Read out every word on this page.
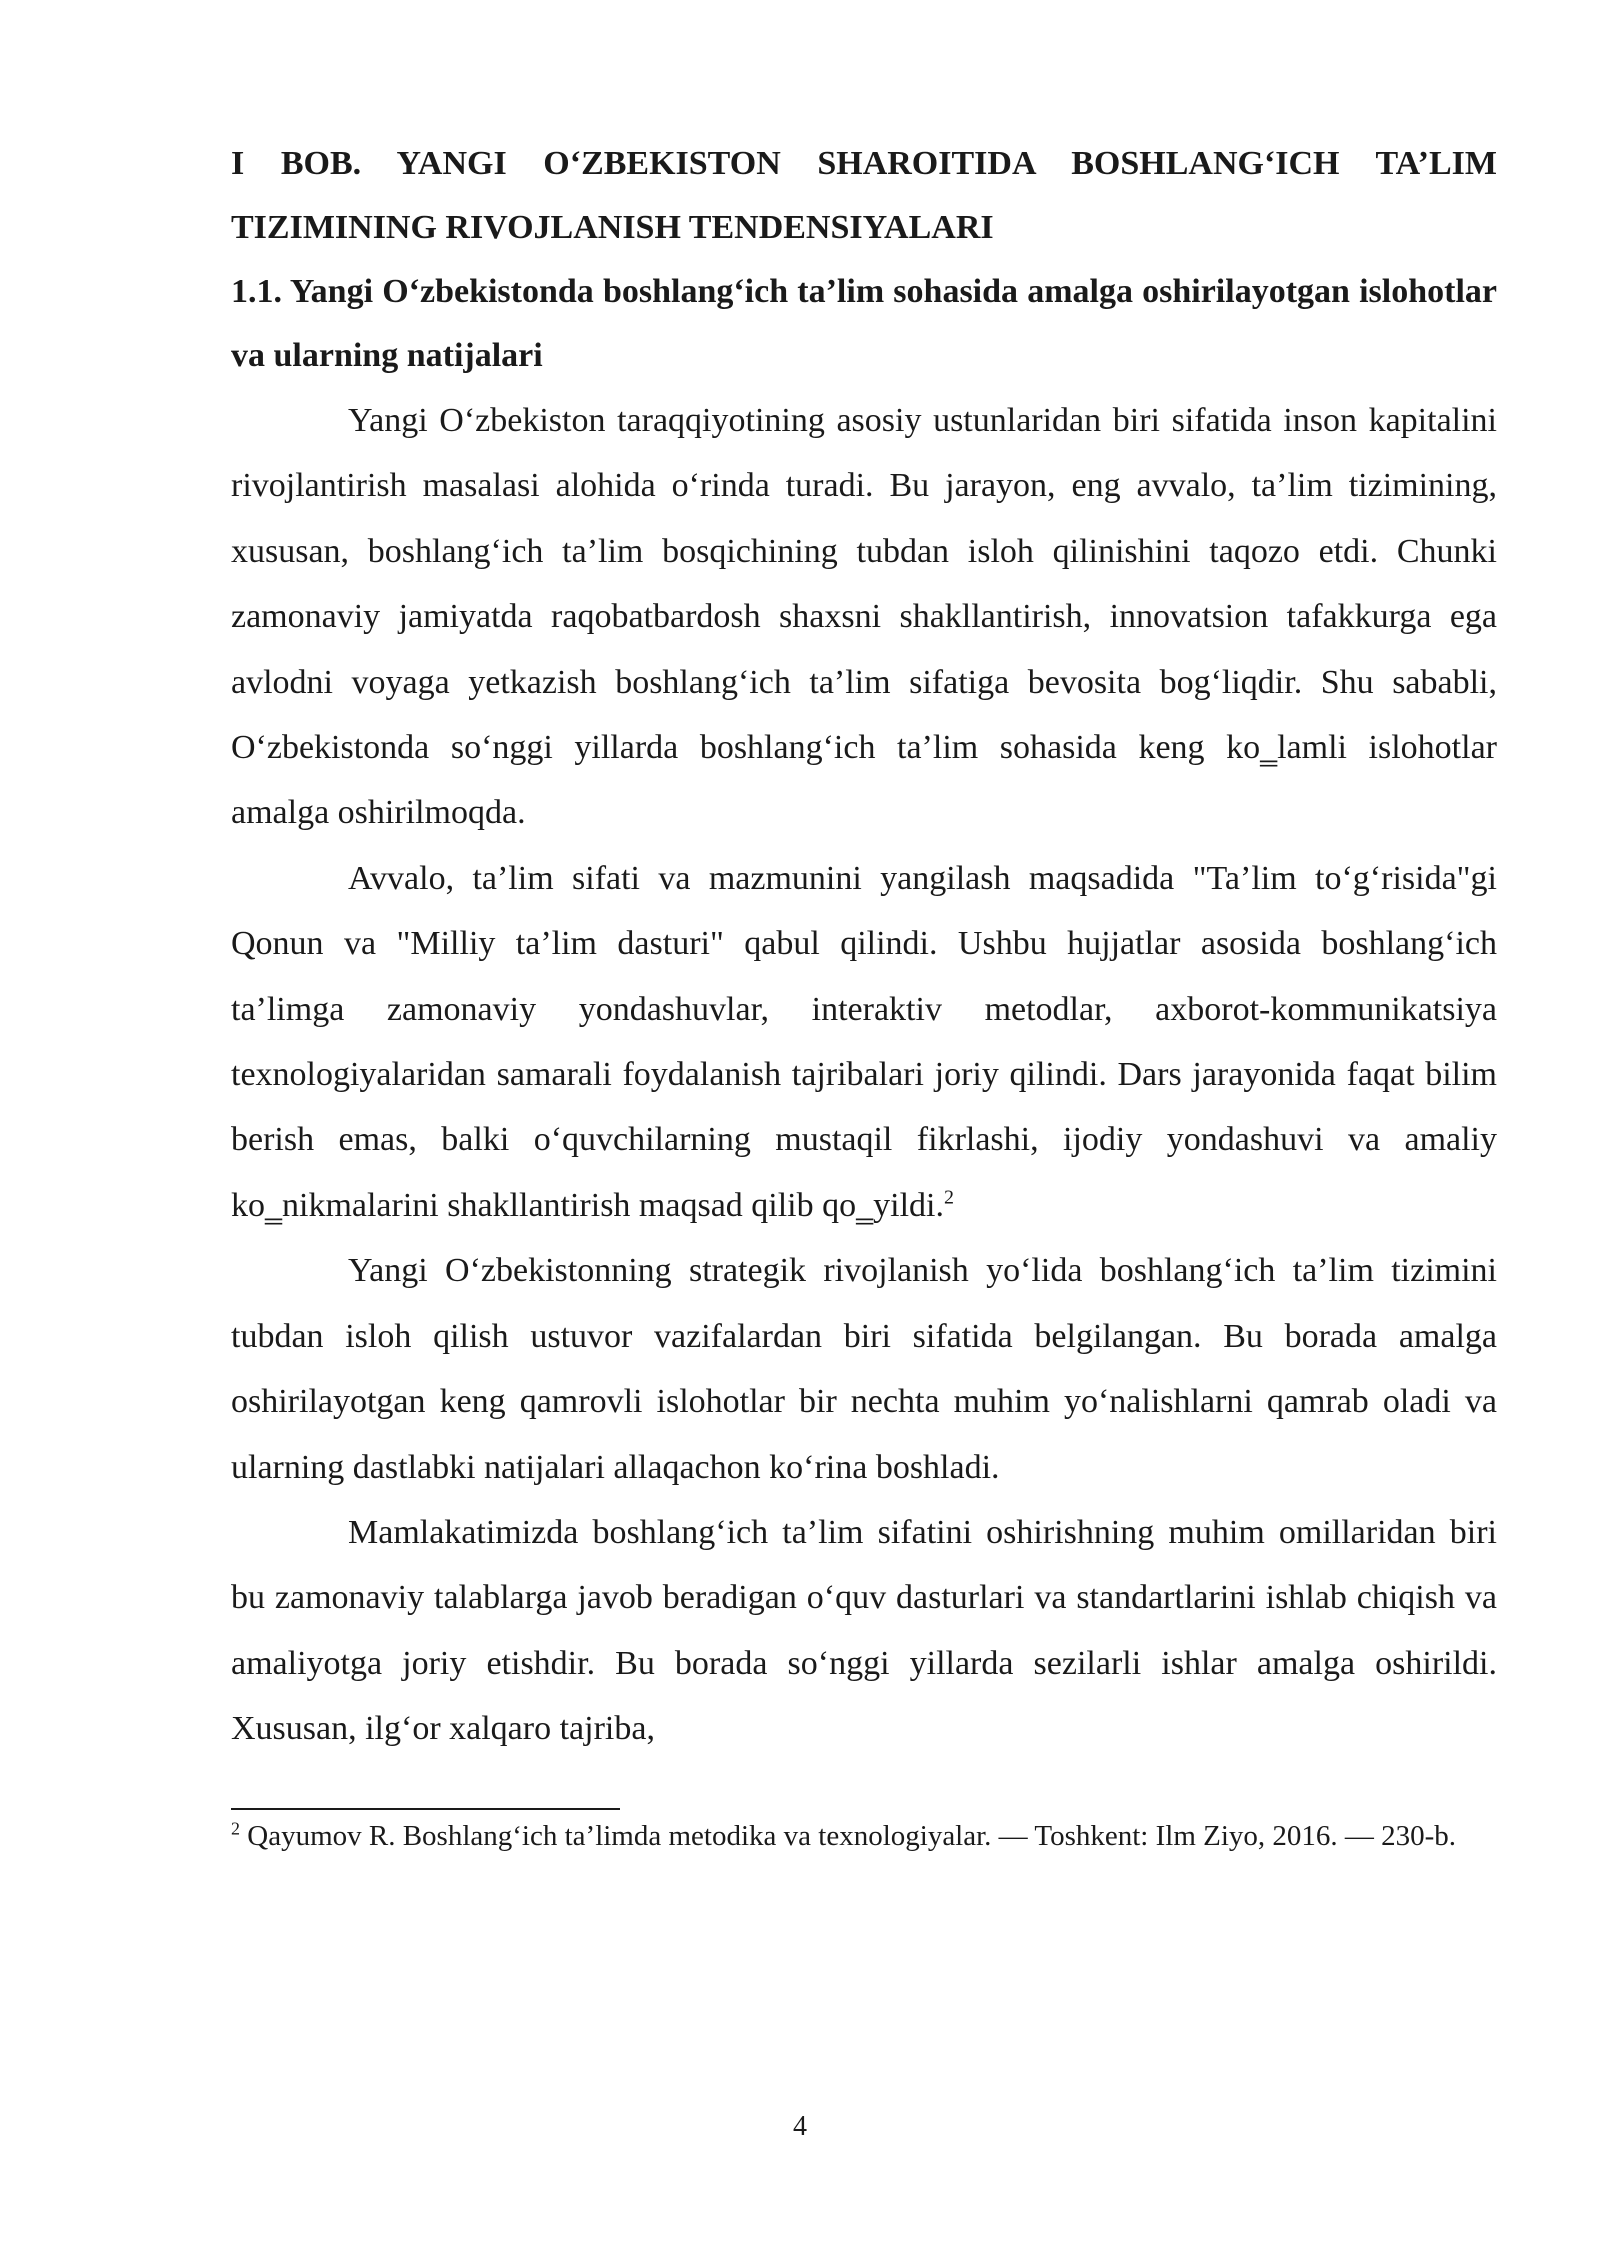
I BOB. YANGI O‘ZBEKISTON SHAROITIDA BOSHLANG‘ICH TA’LIM TIZIMINING RIVOJLANISH TENDENSIYALARI
1.1. Yangi O‘zbekistonda boshlang‘ich ta’lim sohasida amalga oshirilayotgan islohotlar va ularning natijalari

Yangi O‘zbekiston taraqqiyotining asosiy ustunlaridan biri sifatida inson kapitalini rivojlantirish masalasi alohida o‘rinda turadi. Bu jarayon, eng avvalo, ta’lim tizimining, xususan, boshlang‘ich ta’lim bosqichining tubdan isloh qilinishini taqozo etdi. Chunki zamonaviy jamiyatda raqobatbardosh shaxsni shakllantirish, innovatsion tafakkurga ega avlodni voyaga yetkazish boshlang‘ich ta’lim sifatiga bevosita bog‘liqdir. Shu sababli, O‘zbekistonda so‘nggi yillarda boshlang‘ich ta’lim sohasida keng ko‗lamli islohotlar amalga oshirilmoqda.

Avvalo, ta’lim sifati va mazmunini yangilash maqsadida "Ta’lim to‘g‘risida"gi Qonun va "Milliy ta’lim dasturi" qabul qilindi. Ushbu hujjatlar asosida boshlang‘ich ta’limga zamonaviy yondashuvlar, interaktiv metodlar, axborot-kommunikatsiya texnologiyalaridan samarali foydalanish tajribalari joriy qilindi. Dars jarayonida faqat bilim berish emas, balki o‘quvchilarning mustaqil fikrlashi, ijodiy yondashuvi va amaliy ko‗nikmalarini shakllantirish maqsad qilib qo‗yildi.$^2$

Yangi O‘zbekistonning strategik rivojlanish yo‘lida boshlang‘ich ta’lim tizimini tubdan isloh qilish ustuvor vazifalardan biri sifatida belgilangan. Bu borada amalga oshirilayotgan keng qamrovli islohotlar bir nechta muhim yo‘nalishlarni qamrab oladi va ularning dastlabki natijalari allaqachon ko‘rina boshladi.

Mamlakatimizda boshlang‘ich ta’lim sifatini oshirishning muhim omillaridan biri bu zamonaviy talablarga javob beradigan o‘quv dasturlari va standartlarini ishlab chiqish va amaliyotga joriy etishdir. Bu borada so‘nggi yillarda sezilarli ishlar amalga oshirildi. Xususan, ilg‘or xalqaro tajriba,

$^2$ Qayumov R. Boshlang‘ich ta’limda metodika va texnologiyalar. — Toshkent: Ilm Ziyo, 2016. — 230-b.

4
